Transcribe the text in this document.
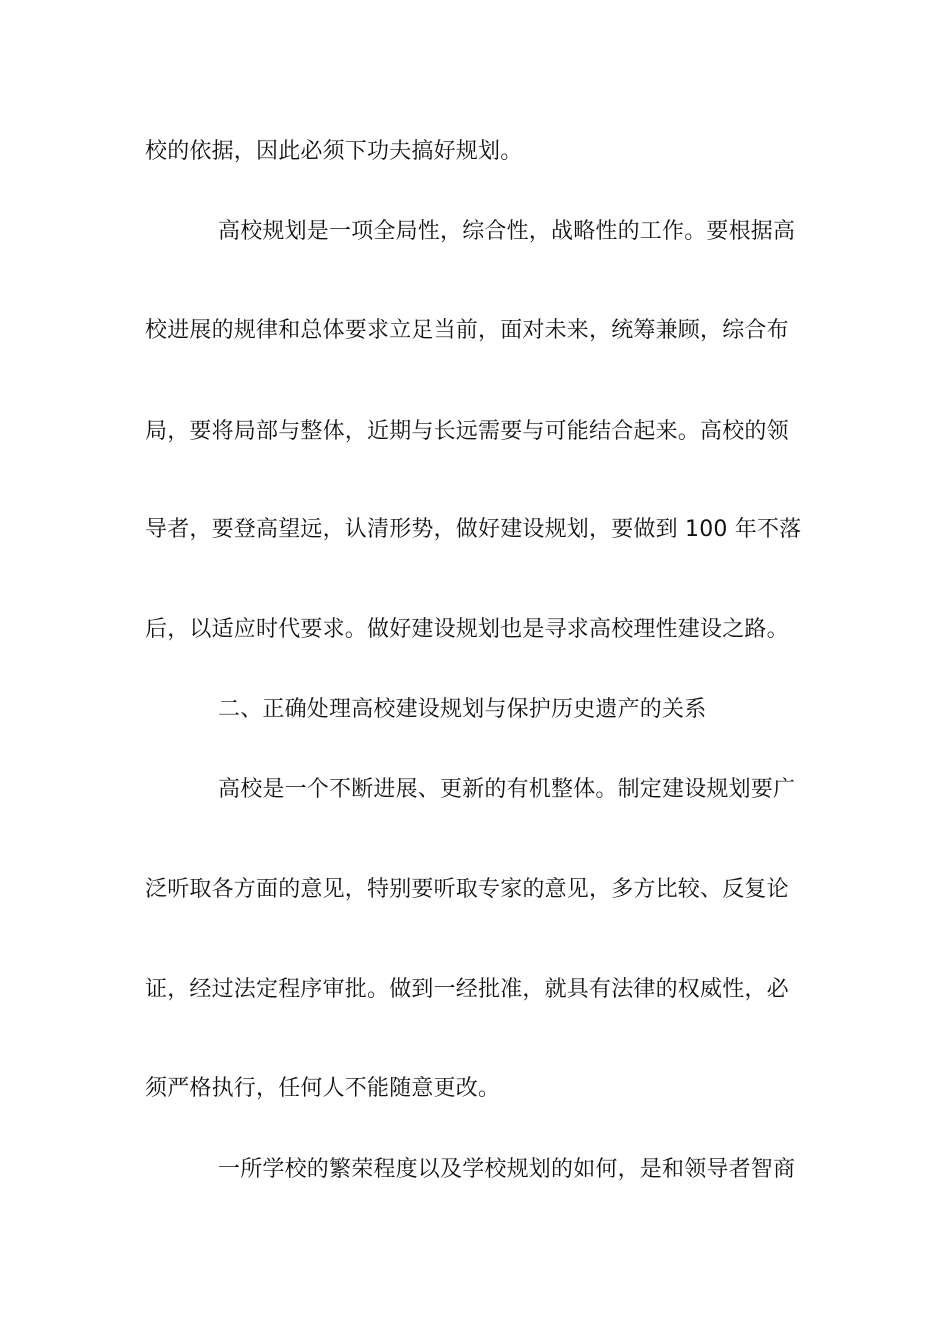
校的依据，因此必须下功夫搞好规划。
高校规划是一项全局性，综合性，战略性的工作。要根据高
校进展的规律和总体要求立足当前，面对未来，统筹兼顾，综合布
局，要将局部与整体，近期与长远需要与可能结合起来。高校的领
导者，要登高望远，认清形势，做好建设规划，要做到 100 年不落
后，以适应时代要求。做好建设规划也是寻求高校理性建设之路。
二、正确处理高校建设规划与保护历史遗产的关系
高校是一个不断进展、更新的有机整体。制定建设规划要广
泛听取各方面的意见，特别要听取专家的意见，多方比较、反复论
证，经过法定程序审批。做到一经批准，就具有法律的权威性，必
须严格执行，任何人不能随意更改。
一所学校的繁荣程度以及学校规划的如何，是和领导者智商
